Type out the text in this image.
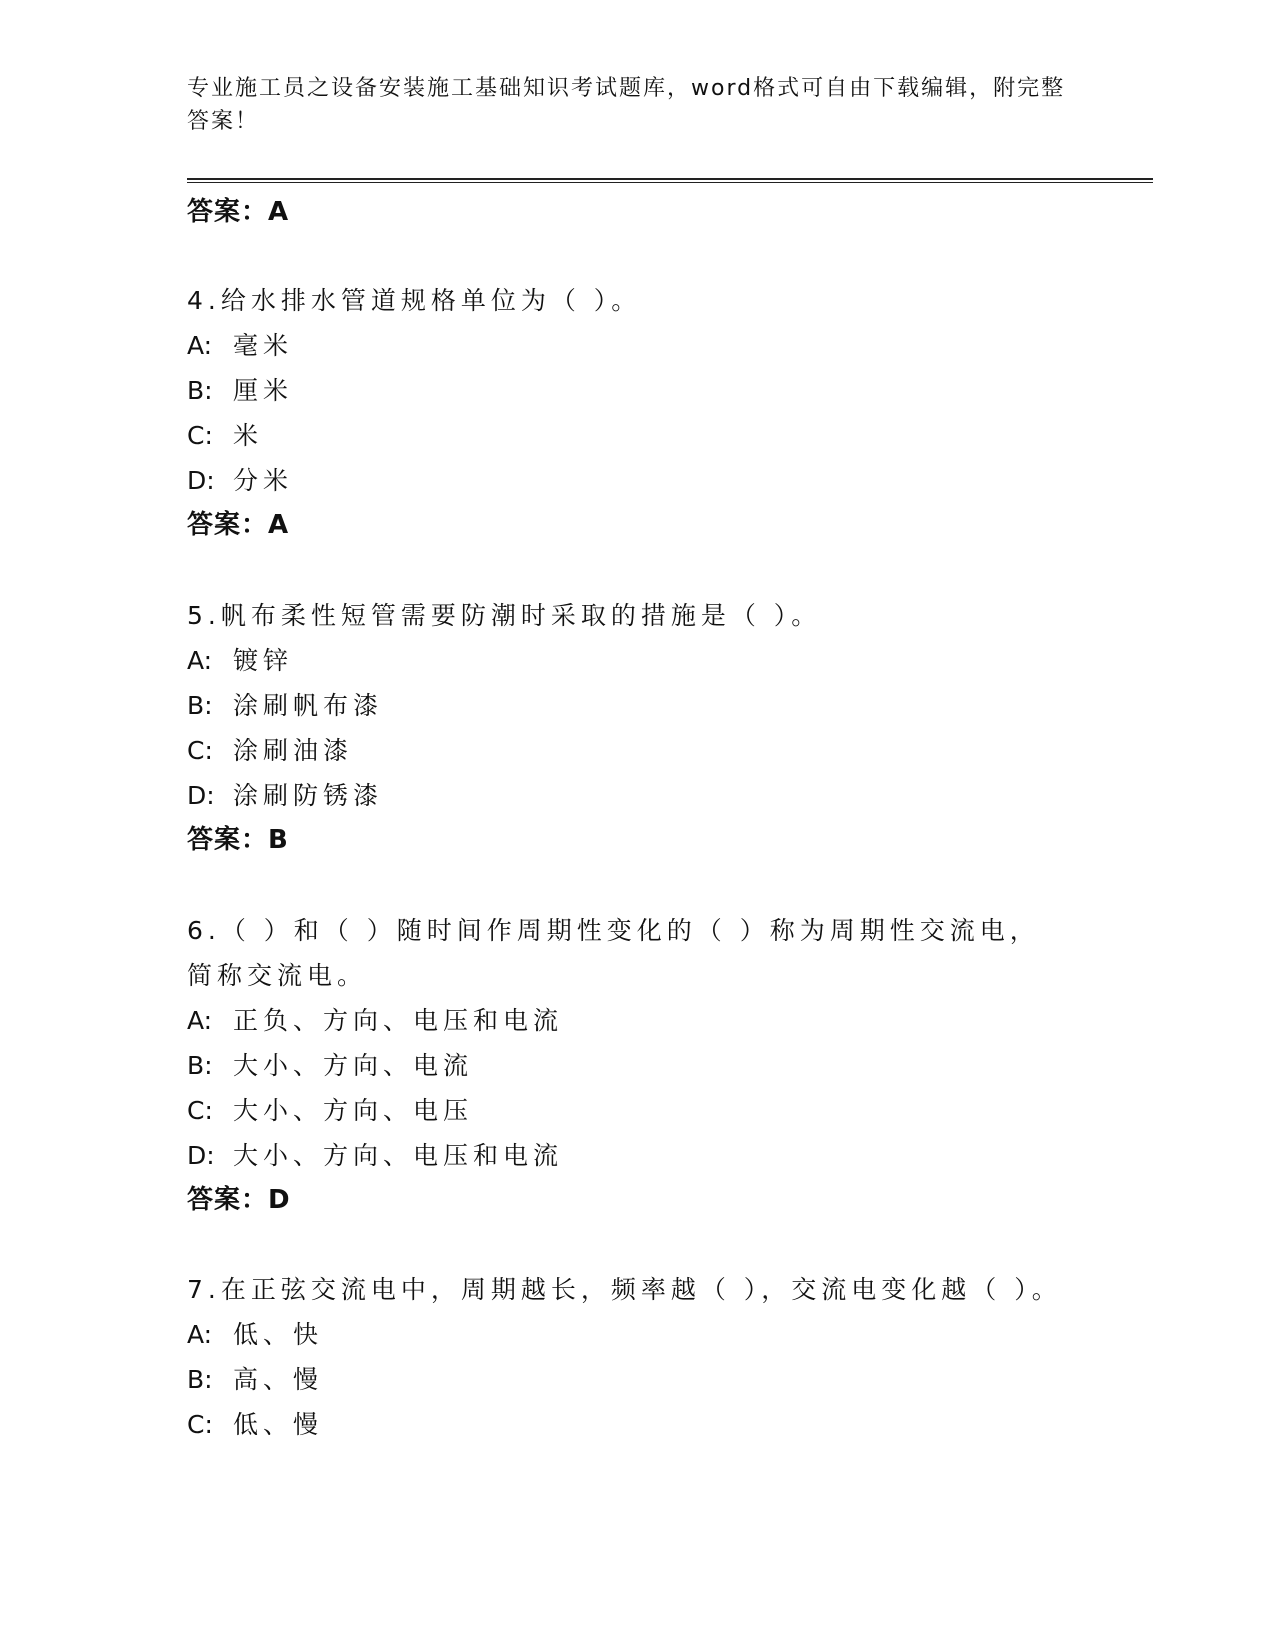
专业施工员之设备安装施工基础知识考试题库，word格式可自由下载编辑，附完整答案！
答案：A

4.给水排水管道规格单位为（ ）。

A: 毫米

B: 厘米

C: 米

D: 分米

答案：A

5.帆布柔性短管需要防潮时采取的措施是（ ）。

A: 镀锌

B: 涂刷帆布漆

C: 涂刷油漆

D: 涂刷防锈漆

答案：B

6.（ ）和（ ）随时间作周期性变化的（ ）称为周期性交流电，简称交流电。

A: 正负、方向、电压和电流

B: 大小、方向、电流

C: 大小、方向、电压

D: 大小、方向、电压和电流

答案：D

7.在正弦交流电中，周期越长，频率越（ ），交流电变化越（ ）。

A: 低、快

B: 高、慢

C: 低、慢
